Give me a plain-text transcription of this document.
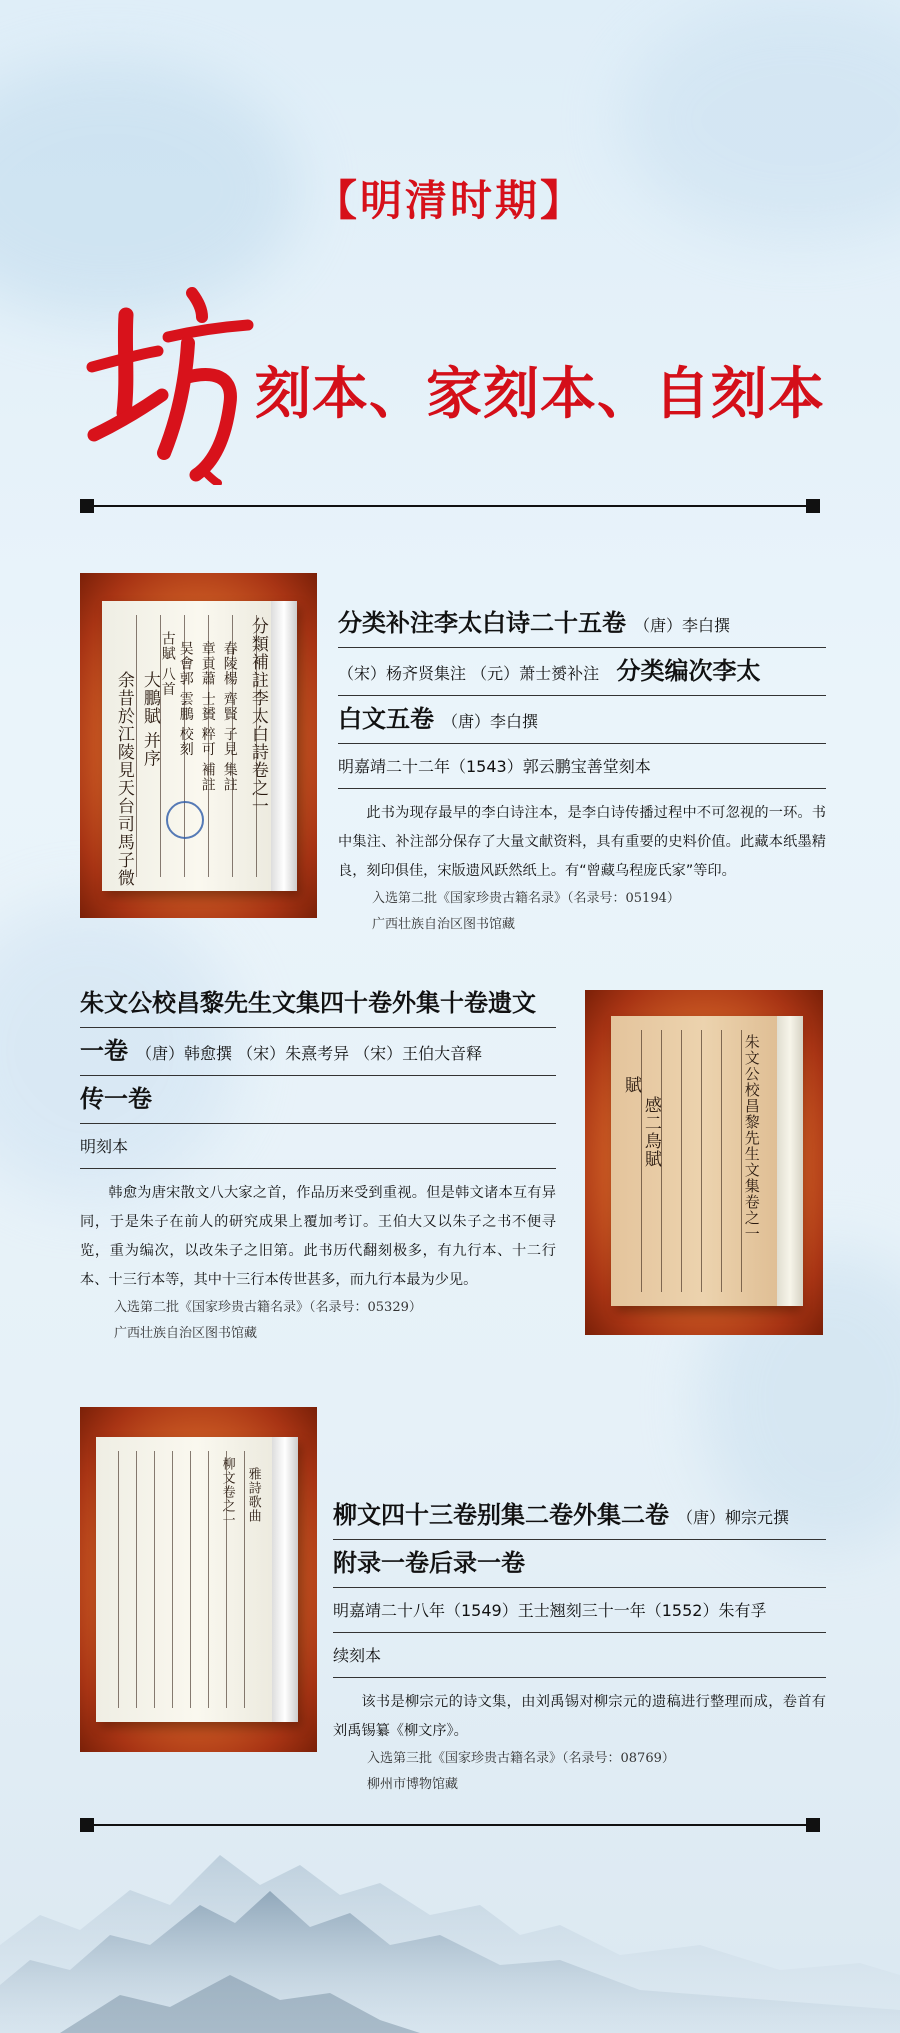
【明清时期】
刻本、家刻本、自刻本
分類補註李太白詩卷之一
春陵楊 齊賢 子見 集註
章貢蕭 士贇 粹可 補註
吴會郭 雲鵬 校刻
古賦 八首
大鵬賦 并序
余昔於江陵見天台司馬子微
分类补注李太白诗二十五卷 （唐）李白撰
（宋）杨齐贤集注 （元）萧士赟补注 分类编次李太
白文五卷 （唐）李白撰
明嘉靖二十二年（1543）郭云鹏宝善堂刻本
此书为现存最早的李白诗注本，是李白诗传播过程中不可忽视的一环。书中集注、补注部分保存了大量文献资料，具有重要的史料价值。此藏本纸墨精良，刻印俱佳，宋版遗风跃然纸上。有“曾藏乌程庞氏家”等印。
入选第二批《国家珍贵古籍名录》（名录号：05194）
广西壮族自治区图书馆藏
朱文公校昌黎先生文集四十卷外集十卷遗文
一卷 （唐）韩愈撰 （宋）朱熹考异 （宋）王伯大音释
传一卷
明刻本
韩愈为唐宋散文八大家之首，作品历来受到重视。但是韩文诸本互有异同，于是朱子在前人的研究成果上覆加考订。王伯大又以朱子之书不便寻览，重为编次，以改朱子之旧第。此书历代翻刻极多，有九行本、十二行本、十三行本等，其中十三行本传世甚多，而九行本最为少见。
入选第二批《国家珍贵古籍名录》（名录号：05329）
广西壮族自治区图书馆藏
朱文公校昌黎先生文集卷之一
賦
感二鳥賦
柳文卷之一 雅詩歌曲	柳文四十三卷别集二卷外集二卷 （唐）柳宗元撰
附录一卷后录一卷
明嘉靖二十八年（1549）王士翘刻三十一年（1552）朱有孚
续刻本
该书是柳宗元的诗文集，由刘禹锡对柳宗元的遗稿进行整理而成，卷首有刘禹锡纂《柳文序》。
入选第三批《国家珍贵古籍名录》（名录号：08769）
柳州市博物馆藏
